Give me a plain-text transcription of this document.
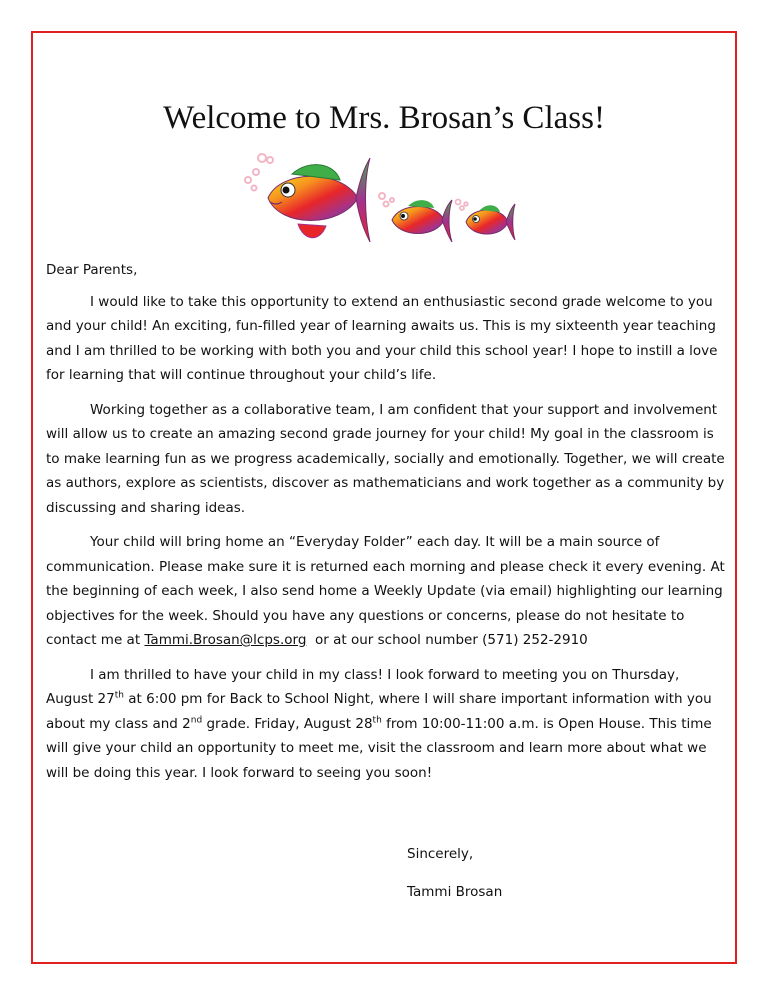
Welcome to Mrs. Brosan’s Class!

Dear Parents,

I would like to take this opportunity to extend an enthusiastic second grade welcome to you and your child! An exciting, fun-filled year of learning awaits us. This is my sixteenth year teaching and I am thrilled to be working with both you and your child this school year! I hope to instill a love for learning that will continue throughout your child’s life.

Working together as a collaborative team, I am confident that your support and involvement will allow us to create an amazing second grade journey for your child! My goal in the classroom is to make learning fun as we progress academically, socially and emotionally. Together, we will create as authors, explore as scientists, discover as mathematicians and work together as a community by discussing and sharing ideas.

Your child will bring home an “Everyday Folder” each day. It will be a main source of communication. Please make sure it is returned each morning and please check it every evening. At the beginning of each week, I also send home a Weekly Update (via email) highlighting our learning objectives for the week. Should you have any questions or concerns, please do not hesitate to contact me at Tammi.Brosan@lcps.org or at our school number (571) 252-2910

I am thrilled to have your child in my class! I look forward to meeting you on Thursday, August 27th at 6:00 pm for Back to School Night, where I will share important information with you about my class and 2nd grade. Friday, August 28th from 10:00-11:00 a.m. is Open House. This time will give your child an opportunity to meet me, visit the classroom and learn more about what we will be doing this year. I look forward to seeing you soon!

Sincerely,
Tammi Brosan
